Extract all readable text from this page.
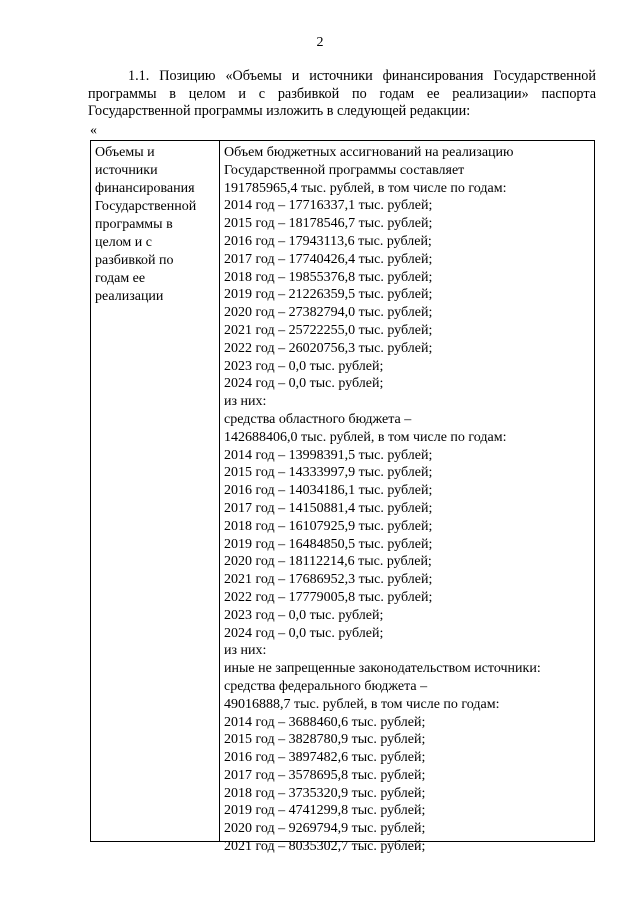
2
1.1. Позицию «Объемы и источники финансирования Государственной
программы в целом и с разбивкой по годам ее реализации» паспорта
Государственной программы изложить в следующей редакции:
«
Объемы и
источники
финансирования
Государственной
программы в
целом и с
разбивкой по
годам ее
реализации
Объем бюджетных ассигнований на реализацию
Государственной программы составляет
191785965,4 тыс. рублей, в том числе по годам:
2014 год – 17716337,1 тыс. рублей;
2015 год – 18178546,7 тыс. рублей;
2016 год – 17943113,6 тыс. рублей;
2017 год – 17740426,4 тыс. рублей;
2018 год – 19855376,8 тыс. рублей;
2019 год – 21226359,5 тыс. рублей;
2020 год – 27382794,0 тыс. рублей;
2021 год – 25722255,0 тыс. рублей;
2022 год – 26020756,3 тыс. рублей;
2023 год – 0,0 тыс. рублей;
2024 год – 0,0 тыс. рублей;
из них:
средства областного бюджета –
142688406,0 тыс. рублей, в том числе по годам:
2014 год – 13998391,5 тыс. рублей;
2015 год – 14333997,9 тыс. рублей;
2016 год – 14034186,1 тыс. рублей;
2017 год – 14150881,4 тыс. рублей;
2018 год – 16107925,9 тыс. рублей;
2019 год – 16484850,5 тыс. рублей;
2020 год – 18112214,6 тыс. рублей;
2021 год – 17686952,3 тыс. рублей;
2022 год – 17779005,8 тыс. рублей;
2023 год – 0,0 тыс. рублей;
2024 год – 0,0 тыс. рублей;
из них:
иные не запрещенные законодательством источники:
средства федерального бюджета –
49016888,7 тыс. рублей, в том числе по годам:
2014 год – 3688460,6 тыс. рублей;
2015 год – 3828780,9 тыс. рублей;
2016 год – 3897482,6 тыс. рублей;
2017 год – 3578695,8 тыс. рублей;
2018 год – 3735320,9 тыс. рублей;
2019 год – 4741299,8 тыс. рублей;
2020 год – 9269794,9 тыс. рублей;
2021 год – 8035302,7 тыс. рублей;
